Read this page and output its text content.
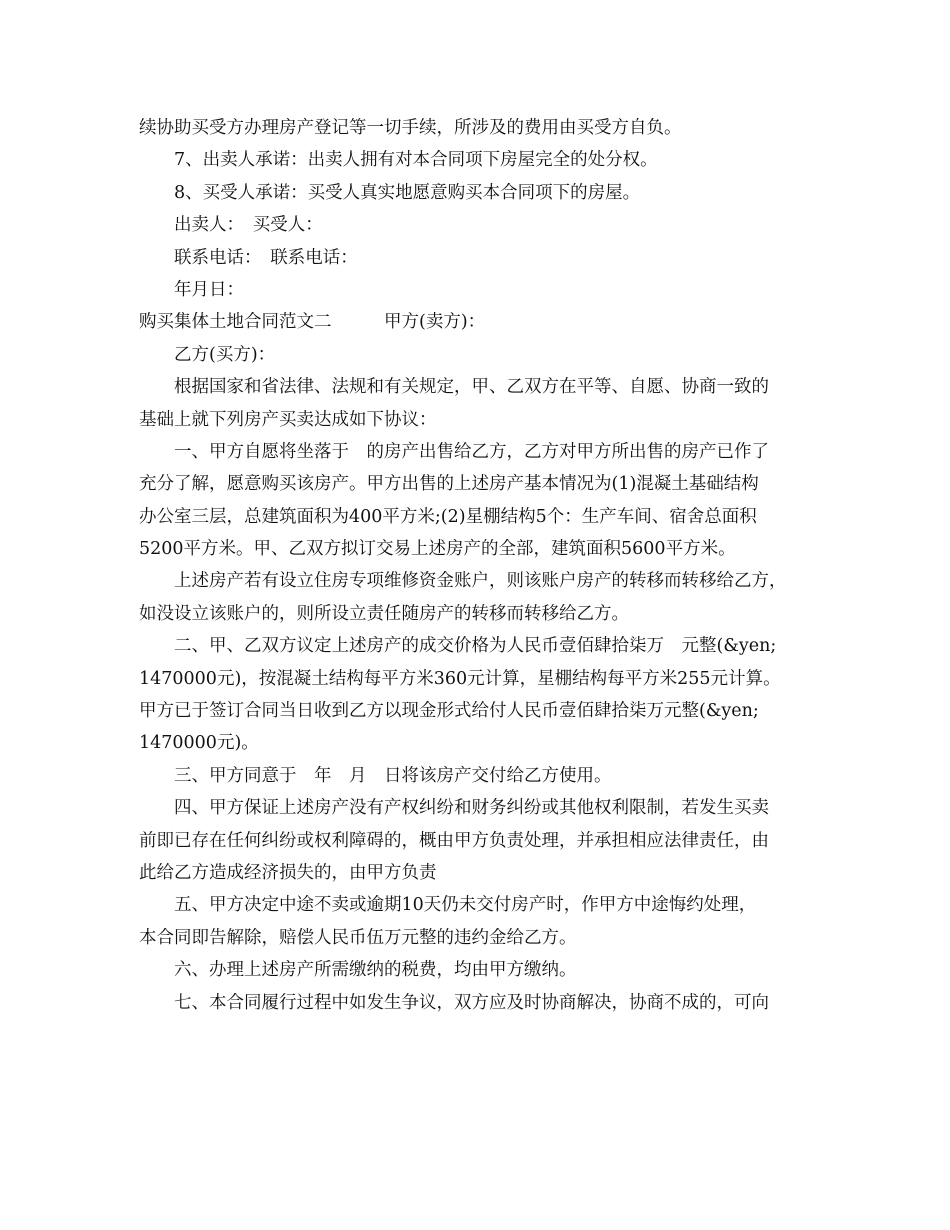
续协助买受方办理房产登记等一切手续，所涉及的费用由买受方自负。
7、出卖人承诺：出卖人拥有对本合同项下房屋完全的处分权。
8、买受人承诺：买受人真实地愿意购买本合同项下的房屋。
出卖人：　买受人：
联系电话：　联系电话：
年月日：
购买集体土地合同范文二　　　甲方(卖方)：
乙方(买方)：
根据国家和省法律、法规和有关规定，甲、乙双方在平等、自愿、协商一致的
基础上就下列房产买卖达成如下协议：
一、甲方自愿将坐落于　的房产出售给乙方，乙方对甲方所出售的房产已作了
充分了解，愿意购买该房产。甲方出售的上述房产基本情况为(1)混凝土基础结构
办公室三层，总建筑面积为400平方米;(2)星棚结构5个：生产车间、宿舍总面积
5200平方米。甲、乙双方拟订交易上述房产的全部，建筑面积5600平方米。
上述房产若有设立住房专项维修资金账户，则该账户房产的转移而转移给乙方，
如没设立该账户的，则所设立责任随房产的转移而转移给乙方。
二、甲、乙双方议定上述房产的成交价格为人民币壹佰肆拾柒万　元整(&yen;
1470000元)，按混凝土结构每平方米360元计算，星棚结构每平方米255元计算。
甲方已于签订合同当日收到乙方以现金形式给付人民币壹佰肆拾柒万元整(&yen;
1470000元)。
三、甲方同意于　年　月　日将该房产交付给乙方使用。
四、甲方保证上述房产没有产权纠纷和财务纠纷或其他权利限制，若发生买卖
前即已存在任何纠纷或权利障碍的，概由甲方负责处理，并承担相应法律责任，由
此给乙方造成经济损失的，由甲方负责
五、甲方决定中途不卖或逾期10天仍未交付房产时，作甲方中途悔约处理，
本合同即告解除，赔偿人民币伍万元整的违约金给乙方。
六、办理上述房产所需缴纳的税费，均由甲方缴纳。
七、本合同履行过程中如发生争议，双方应及时协商解决，协商不成的，可向
